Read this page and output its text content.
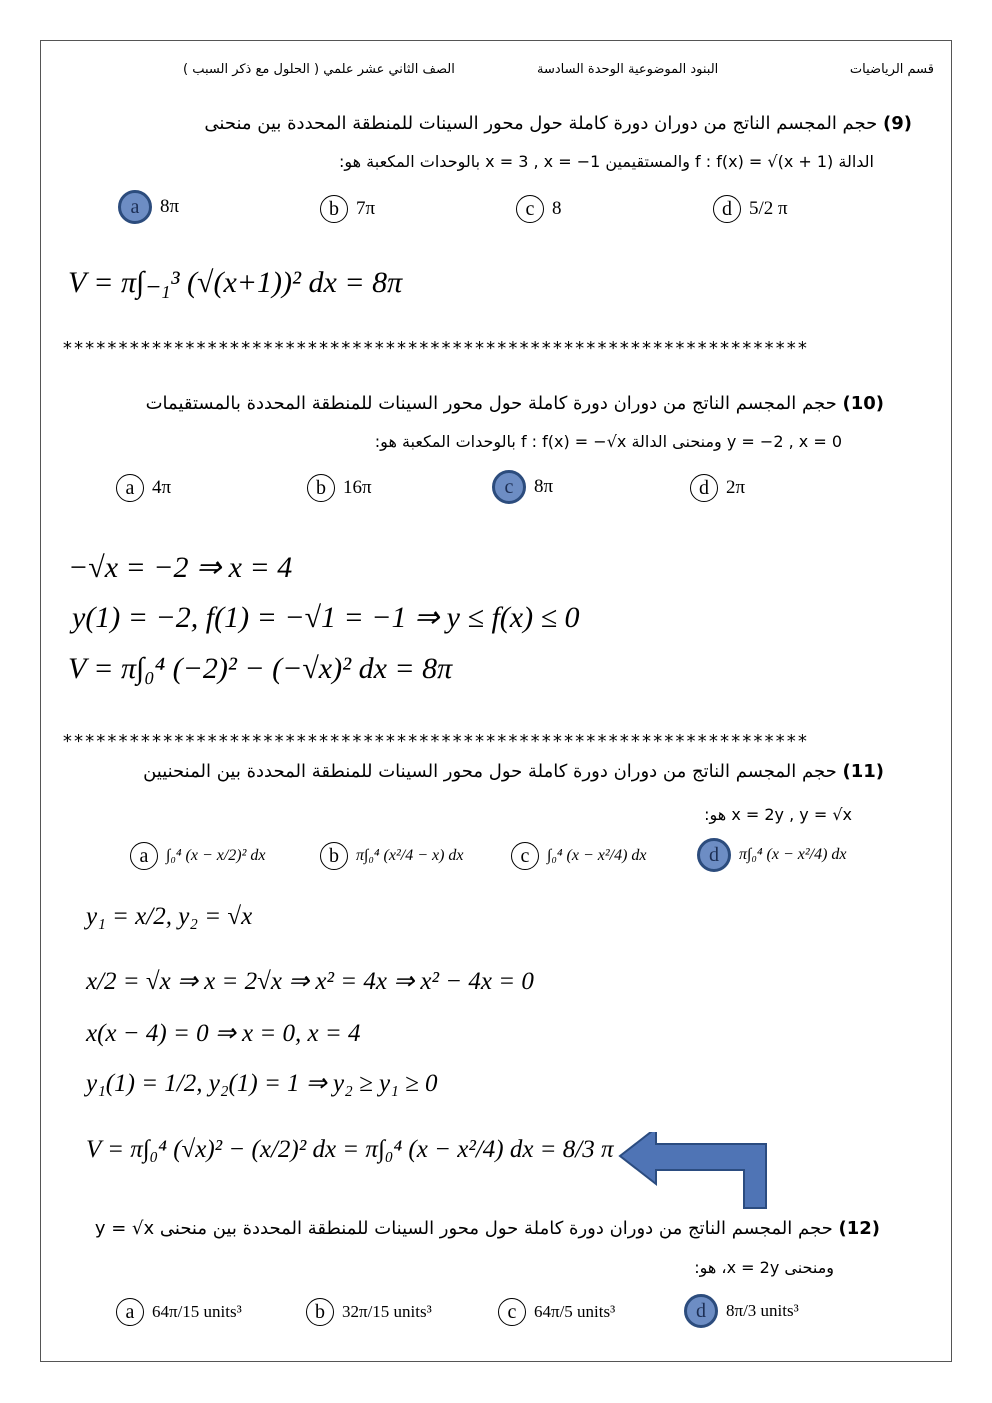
قسم الرياضيات
البنود الموضوعية الوحدة السادسة
الصف الثاني عشر علمي ( الحلول مع ذكر السبب )
(9) حجم المجسم الناتج من دوران دورة كاملة حول محور السينات للمنطقة المحددة بين منحنى
الدالة f : f(x) = √(x + 1) والمستقيمين x = 3 , x = −1 بالوحدات المكعبة هو:
a	8π	b 7π	c 8	d 5/2 π
V = π∫₋₁³ (√(x+1))² dx = 8π
*******************************************************************
(10) حجم المجسم الناتج من دوران دورة كاملة حول محور السينات للمنطقة المحددة بالمستقيمات
y = −2 , x = 0 ومنحنى الدالة f : f(x) = −√x بالوحدات المكعبة هو:
a 4π	b 16π	c	8π	d 2π
−√x = −2 ⇒ x = 4
y(1) = −2, f(1) = −√1 = −1 ⇒ y ≤ f(x) ≤ 0
V = π∫₀⁴ (−2)² − (−√x)² dx = 8π
*******************************************************************
(11) حجم المجسم الناتج من دوران دورة كاملة حول محور السينات للمنطقة المحددة بين المنحنيين
x = 2y , y = √x هو:
a	∫₀⁴ (x − x/2)² dx	b	π∫₀⁴ (x²/4 − x) dx	c	∫₀⁴ (x − x²/4) dx	d	π∫₀⁴ (x − x²/4) dx
y₁ = x/2, y₂ = √x
x/2 = √x ⇒ x = 2√x ⇒ x² = 4x ⇒ x² − 4x = 0
x(x − 4) = 0 ⇒ x = 0, x = 4
y₁(1) = 1/2, y₂(1) = 1 ⇒ y₂ ≥ y₁ ≥ 0
V = π∫₀⁴ (√x)² − (x/2)² dx = π∫₀⁴ (x − x²/4) dx = 8/3 π
(12) حجم المجسم الناتج من دوران دورة كاملة حول محور السينات للمنطقة المحددة بين منحنى y = √x
ومنحنى x = 2y، هو:
a	64π/15 units³	b	32π/15 units³	c	64π/5 units³	d	8π/3 units³
